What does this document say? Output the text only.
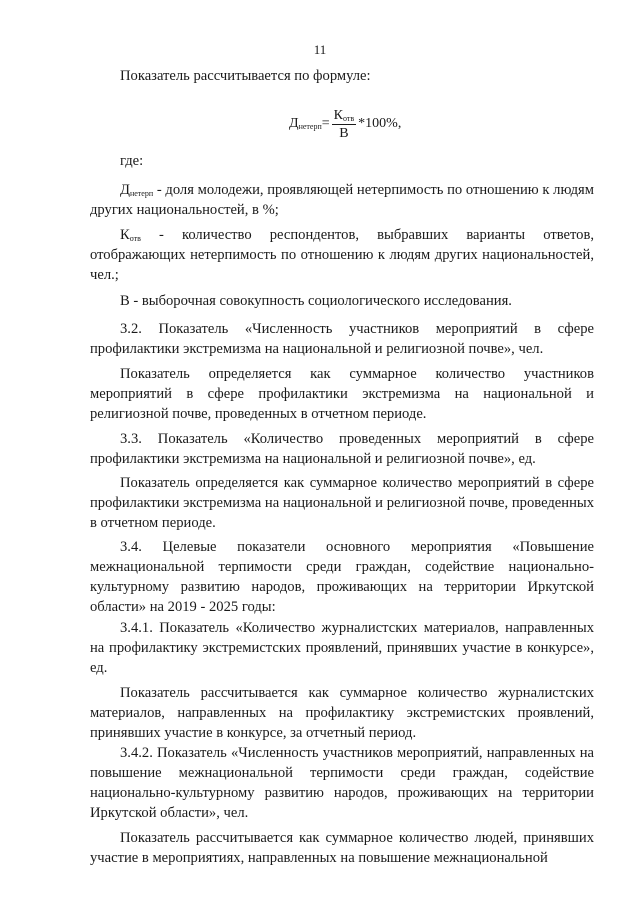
11

Показатель рассчитывается по формуле:

$Д_{нетерп} = \frac{К_{отв}}{В} *100\%$,

где:

$Д_{нетерп}$ - доля молодежи, проявляющей нетерпимость по отношению к людям других национальностей, в %;

$К_{отв}$ - количество респондентов, выбравших варианты ответов, отображающих нетерпимость по отношению к людям других национальностей, чел.;

В - выборочная совокупность социологического исследования.

3.2. Показатель «Численность участников мероприятий в сфере профилактики экстремизма на национальной и религиозной почве», чел.

Показатель определяется как суммарное количество участников мероприятий в сфере профилактики экстремизма на национальной и религиозной почве, проведенных в отчетном периоде.

3.3. Показатель «Количество проведенных мероприятий в сфере профилактики экстремизма на национальной и религиозной почве», ед.

Показатель определяется как суммарное количество мероприятий в сфере профилактики экстремизма на национальной и религиозной почве, проведенных в отчетном периоде.

3.4. Целевые показатели основного мероприятия «Повышение межнациональной терпимости среди граждан, содействие национально-культурному развитию народов, проживающих на территории Иркутской области» на 2019 - 2025 годы:

3.4.1. Показатель «Количество журналистских материалов, направленных на профилактику экстремистских проявлений, принявших участие в конкурсе», ед.

Показатель рассчитывается как суммарное количество журналистских материалов, направленных на профилактику экстремистских проявлений, принявших участие в конкурсе, за отчетный период.

3.4.2. Показатель «Численность участников мероприятий, направленных на повышение межнациональной терпимости среди граждан, содействие национально-культурному развитию народов, проживающих на территории Иркутской области», чел.

Показатель рассчитывается как суммарное количество людей, принявших участие в мероприятиях, направленных на повышение межнациональной
